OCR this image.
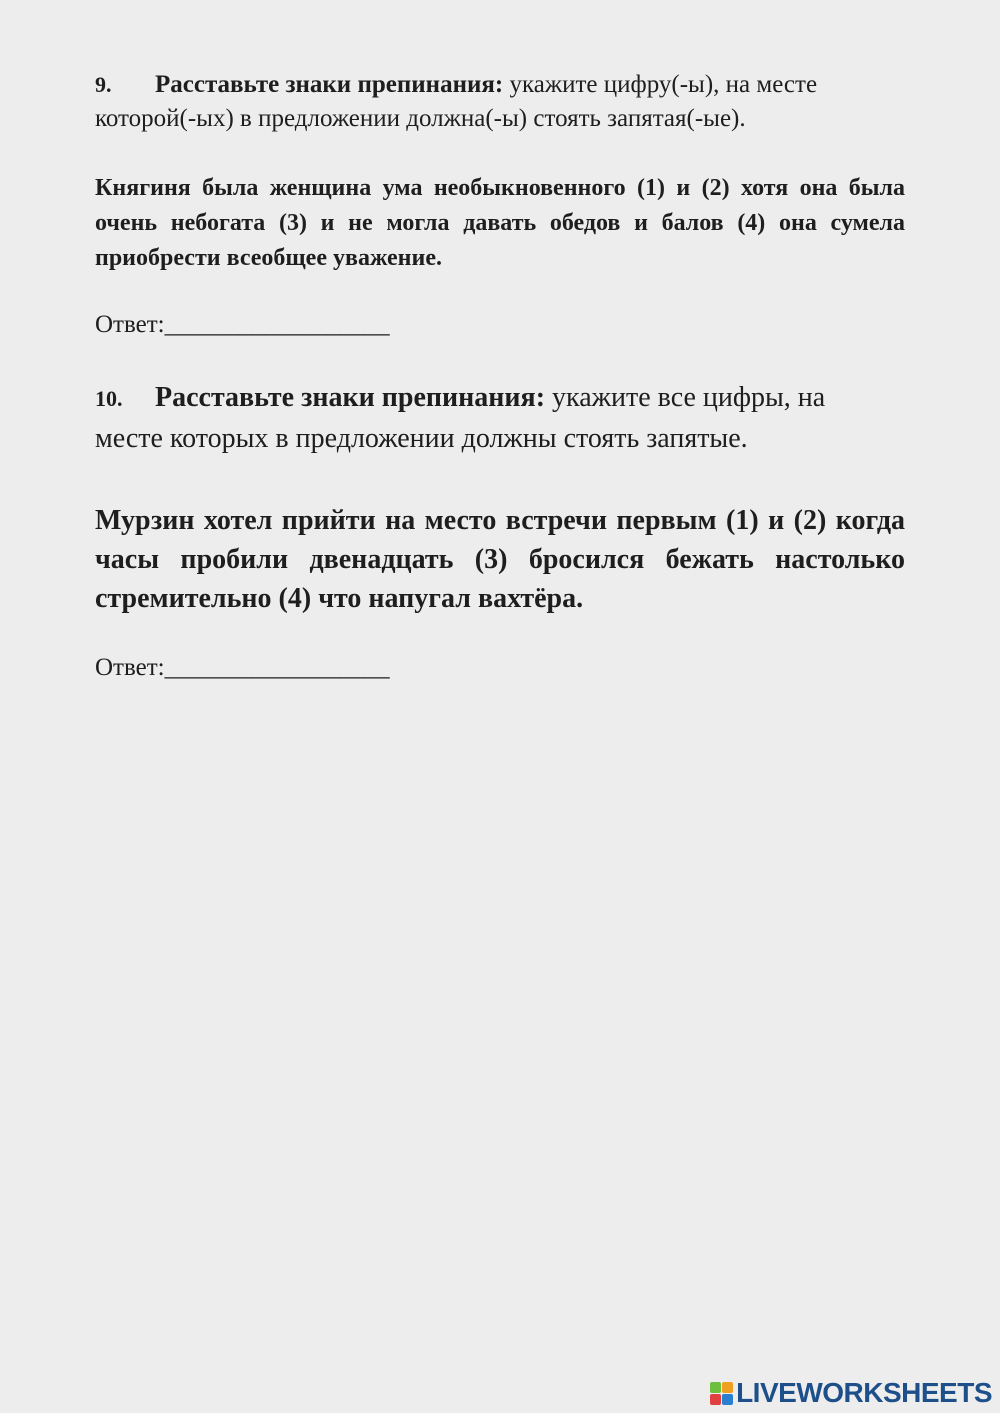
9. Расставьте знаки препинания: укажите цифру(-ы), на месте которой(-ых) в предложении должна(-ы) стоять запятая(-ые).

Княгиня была женщина ума необыкновенного (1) и (2) хотя она была очень небогата (3) и не могла давать обедов и балов (4) она сумела приобрести всеобщее уважение.

Ответ:__________________

10. Расставьте знаки препинания: укажите все цифры, на месте которых в предложении должны стоять запятые.

Мурзин хотел прийти на место встречи первым (1) и (2) когда часы пробили двенадцать (3) бросился бежать настолько стремительно (4) что напугал вахтёра.

Ответ:__________________
LIVEWORKSHEETS
